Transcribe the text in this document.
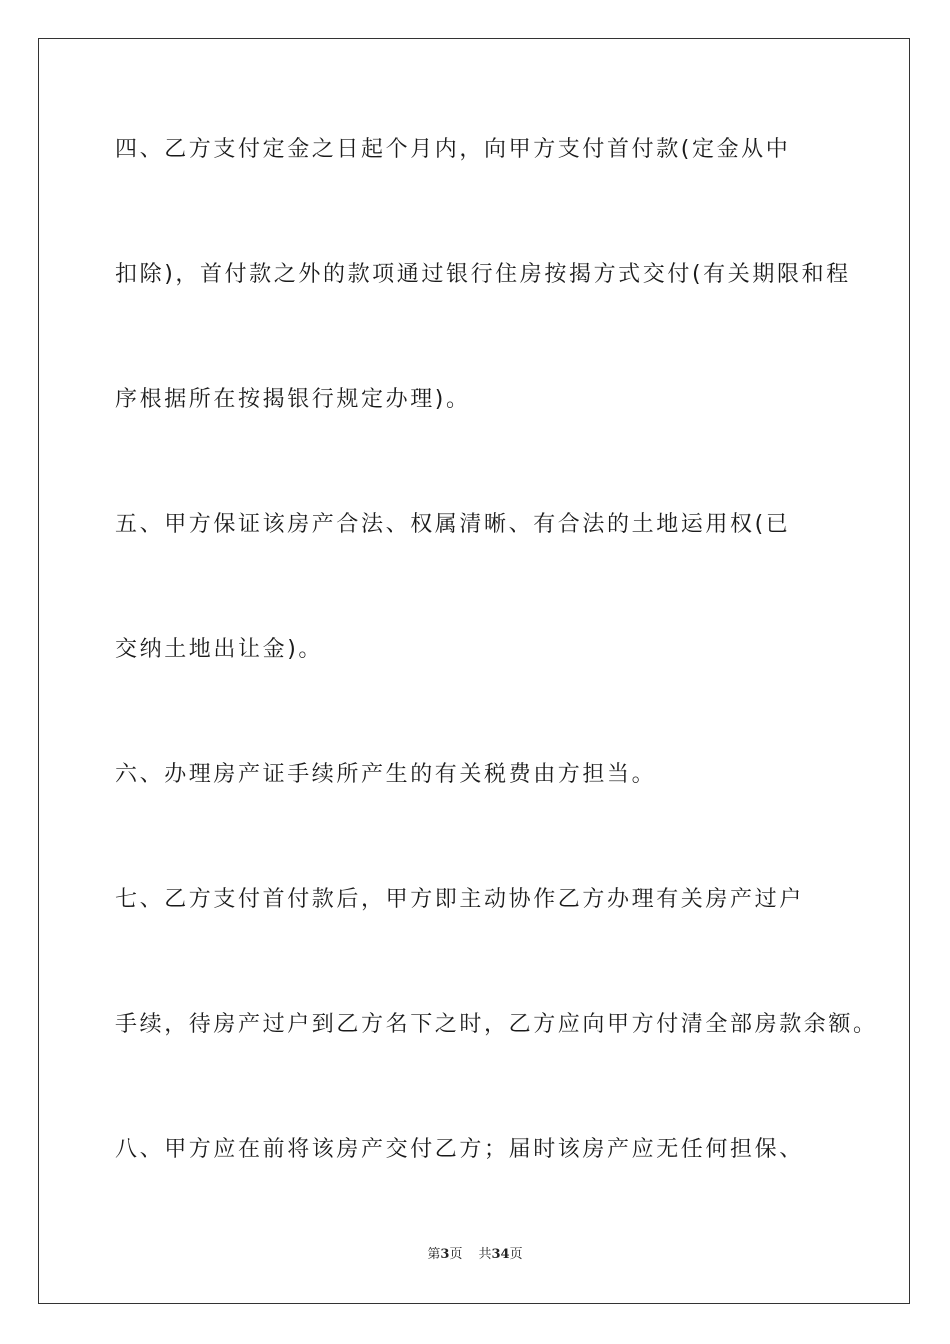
四、乙方支付定金之日起个月内，向甲方支付首付款(定金从中
扣除)，首付款之外的款项通过银行住房按揭方式交付(有关期限和程
序根据所在按揭银行规定办理)。
五、甲方保证该房产合法、权属清晰、有合法的土地运用权(已
交纳土地出让金)。
六、办理房产证手续所产生的有关税费由方担当。
七、乙方支付首付款后，甲方即主动协作乙方办理有关房产过户
手续，待房产过户到乙方名下之时，乙方应向甲方付清全部房款余额。
八、甲方应在前将该房产交付乙方；届时该房产应无任何担保、
第3页 共34页
